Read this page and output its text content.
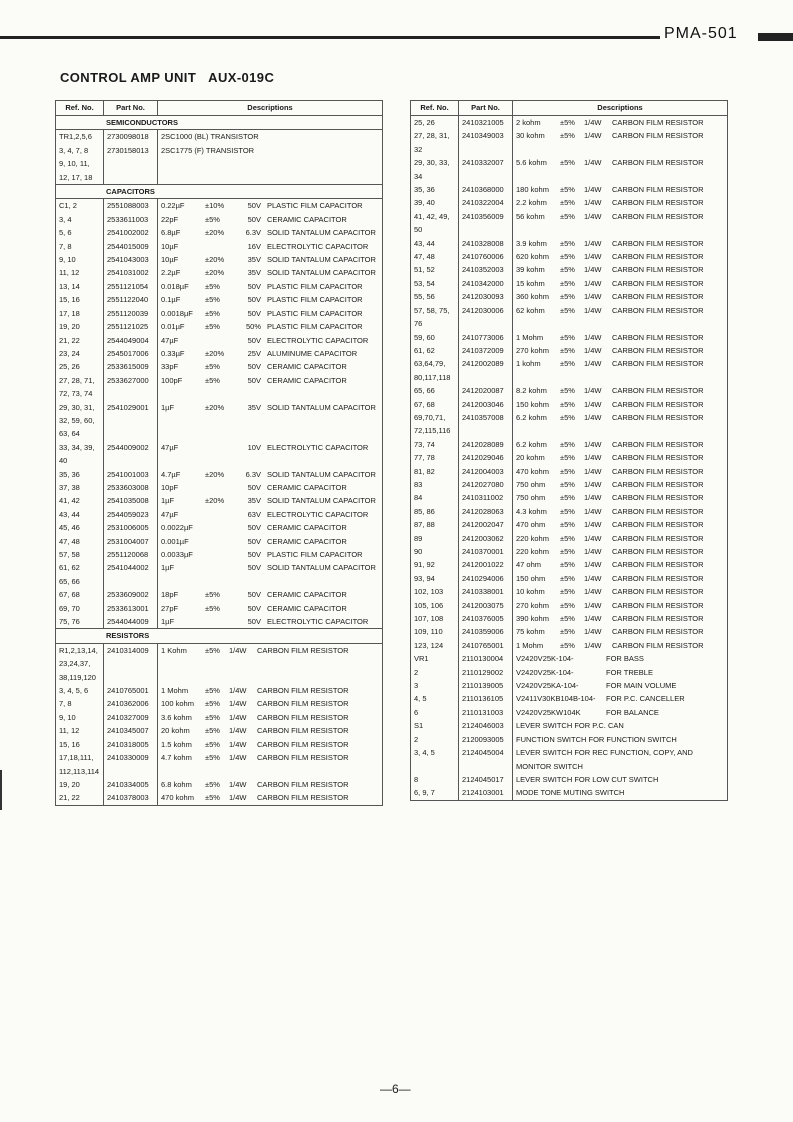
PMA-501
CONTROL AMP UNIT AUX-019C
Ref. No.	Part No.	Descriptions
SEMICONDUCTORS		
TR1,2,5,6	2730098018	2SC1000 (BL) TRANSISTOR
3, 4, 7, 8	2730158013	2SC1775 (F) TRANSISTOR
9, 10, 11,		
12, 17, 18		
CAPACITORS		
C1, 2	2551088003	0.22µF ±10% 50V PLASTIC FILM CAPACITOR
3, 4	2533611003	22pF ±5% 50V CERAMIC CAPACITOR
5, 6	2541002002	6.8µF ±20% 6.3V SOLID TANTALUM CAPACITOR
7, 8	2544015009	10µF 16V ELECTROLYTIC CAPACITOR
9, 10	2541043003	10µF ±20% 35V SOLID TANTALUM CAPACITOR
11, 12	2541031002	2.2µF ±20% 35V SOLID TANTALUM CAPACITOR
13, 14	2551121054	0.018µF ±5% 50V PLASTIC FILM CAPACITOR
15, 16	2551122040	0.1µF ±5% 50V PLASTIC FILM CAPACITOR
17, 18	2551120039	0.0018µF ±5% 50V PLASTIC FILM CAPACITOR
19, 20	2551121025	0.01µF ±5% 50% PLASTIC FILM CAPACITOR
21, 22	2544049004	47µF 50V ELECTROLYTIC CAPACITOR
23, 24	2545017006	0.33µF ±20% 25V ALUMINUME CAPACITOR
25, 26	2533615009	33pF ±5% 50V CERAMIC CAPACITOR
27, 28, 71,	2533627000	100pF ±5% 50V CERAMIC CAPACITOR
72, 73, 74		
29, 30, 31,	2541029001	1µF ±20% 35V SOLID TANTALUM CAPACITOR
32, 59, 60,		
63, 64		
33, 34, 39,	2544009002	47µF 10V ELECTROLYTIC CAPACITOR
40		
35, 36	2541001003	4.7µF ±20% 6.3V SOLID TANTALUM CAPACITOR
37, 38	2533603008	10pF 50V CERAMIC CAPACITOR
41, 42	2541035008	1µF ±20% 35V SOLID TANTALUM CAPACITOR
43, 44	2544059023	47µF 63V ELECTROLYTIC CAPACITOR
45, 46	2531006005	0.0022µF 50V CERAMIC CAPACITOR
47, 48	2531004007	0.001µF 50V CERAMIC CAPACITOR
57, 58	2551120068	0.0033µF 50V PLASTIC FILM CAPACITOR
61, 62	2541044002	1µF 50V SOLID TANTALUM CAPACITOR
65, 66		
67, 68	2533609002	18pF ±5% 50V CERAMIC CAPACITOR
69, 70	2533613001	27pF ±5% 50V CERAMIC CAPACITOR
75, 76	2544044009	1µF 50V ELECTROLYTIC CAPACITOR
RESISTORS		
R1,2,13,14,	2410314009	1 Kohm ±5% 1/4W CARBON FILM RESISTOR
23,24,37,		
38,119,120		
3, 4, 5, 6	2410765001	1 Mohm ±5% 1/4W CARBON FILM RESISTOR
7, 8	2410362006	100 kohm ±5% 1/4W CARBON FILM RESISTOR
9, 10	2410327009	3.6 kohm ±5% 1/4W CARBON FILM RESISTOR
11, 12	2410345007	20 kohm ±5% 1/4W CARBON FILM RESISTOR
15, 16	2410318005	1.5 kohm ±5% 1/4W CARBON FILM RESISTOR
17,18,111,	2410330009	4.7 kohm ±5% 1/4W CARBON FILM RESISTOR
112,113,114		
19, 20	2410334005	6.8 kohm ±5% 1/4W CARBON FILM RESISTOR
21, 22	2410378003	470 kohm ±5% 1/4W CARBON FILM RESISTOR
Ref. No.	Part No.	Descriptions
25, 26	2410321005	2 kohm ±5% 1/4W CARBON FILM RESISTOR
27, 28, 31,	2410349003	30 kohm ±5% 1/4W CARBON FILM RESISTOR
32		
29, 30, 33,	2410332007	5.6 kohm ±5% 1/4W CARBON FILM RESISTOR
34		
35, 36	2410368000	180 kohm ±5% 1/4W CARBON FILM RESISTOR
39, 40	2410322004	2.2 kohm ±5% 1/4W CARBON FILM RESISTOR
41, 42, 49,	2410356009	56 kohm ±5% 1/4W CARBON FILM RESISTOR
50		
43, 44	2410328008	3.9 kohm ±5% 1/4W CARBON FILM RESISTOR
47, 48	2410760006	620 kohm ±5% 1/4W CARBON FILM RESISTOR
51, 52	2410352003	39 kohm ±5% 1/4W CARBON FILM RESISTOR
53, 54	2410342000	15 kohm ±5% 1/4W CARBON FILM RESISTOR
55, 56	2412030093	360 kohm ±5% 1/4W CARBON FILM RESISTOR
57, 58, 75,	2412030006	62 kohm ±5% 1/4W CARBON FILM RESISTOR
76		
59, 60	2410773006	1 Mohm ±5% 1/4W CARBON FILM RESISTOR
61, 62	2410372009	270 kohm ±5% 1/4W CARBON FILM RESISTOR
63,64,79,	2412002089	1 kohm ±5% 1/4W CARBON FILM RESISTOR
80,117,118		
65, 66	2412020087	8.2 kohm ±5% 1/4W CARBON FILM RESISTOR
67, 68	2412003046	150 kohm ±5% 1/4W CARBON FILM RESISTOR
69,70,71,	2410357008	6.2 kohm ±5% 1/4W CARBON FILM RESISTOR
72,115,116		
73, 74	2412028089	6.2 kohm ±5% 1/4W CARBON FILM RESISTOR
77, 78	2412029046	20 kohm ±5% 1/4W CARBON FILM RESISTOR
81, 82	2412004003	470 kohm ±5% 1/4W CARBON FILM RESISTOR
83	2412027080	750 ohm ±5% 1/4W CARBON FILM RESISTOR
84	2410311002	750 ohm ±5% 1/4W CARBON FILM RESISTOR
85, 86	2412028063	4.3 kohm ±5% 1/4W CARBON FILM RESISTOR
87, 88	2412002047	470 ohm ±5% 1/4W CARBON FILM RESISTOR
89	2412003062	220 kohm ±5% 1/4W CARBON FILM RESISTOR
90	2410370001	220 kohm ±5% 1/4W CARBON FILM RESISTOR
91, 92	2412001022	47 ohm ±5% 1/4W CARBON FILM RESISTOR
93, 94	2410294006	150 ohm ±5% 1/4W CARBON FILM RESISTOR
102, 103	2410338001	10 kohm ±5% 1/4W CARBON FILM RESISTOR
105, 106	2412003075	270 kohm ±5% 1/4W CARBON FILM RESISTOR
107, 108	2410376005	390 kohm ±5% 1/4W CARBON FILM RESISTOR
109, 110	2410359006	75 kohm ±5% 1/4W CARBON FILM RESISTOR
123, 124	2410765001	1 Mohm ±5% 1/4W CARBON FILM RESISTOR
VR1	2110130004	V2420V25K-104- FOR BASS
2	2110129002	V2420V25K-104- FOR TREBLE
3	2110139005	V2420V25KA-104- FOR MAIN VOLUME
4, 5	2110136105	V2411V30KB104B-104- FOR P.C. CANCELLER
6	2110131003	V2420V25KW104K FOR BALANCE
S1	2124046003	LEVER SWITCH FOR P.C. CAN
2	2120093005	FUNCTION SWITCH FOR FUNCTION SWITCH
3, 4, 5	2124045004	LEVER SWITCH FOR REC FUNCTION, COPY, AND
		MONITOR SWITCH
8	2124045017	LEVER SWITCH FOR LOW CUT SWITCH
6, 9, 7	2124103001	MODE TONE MUTING SWITCH
—6—
